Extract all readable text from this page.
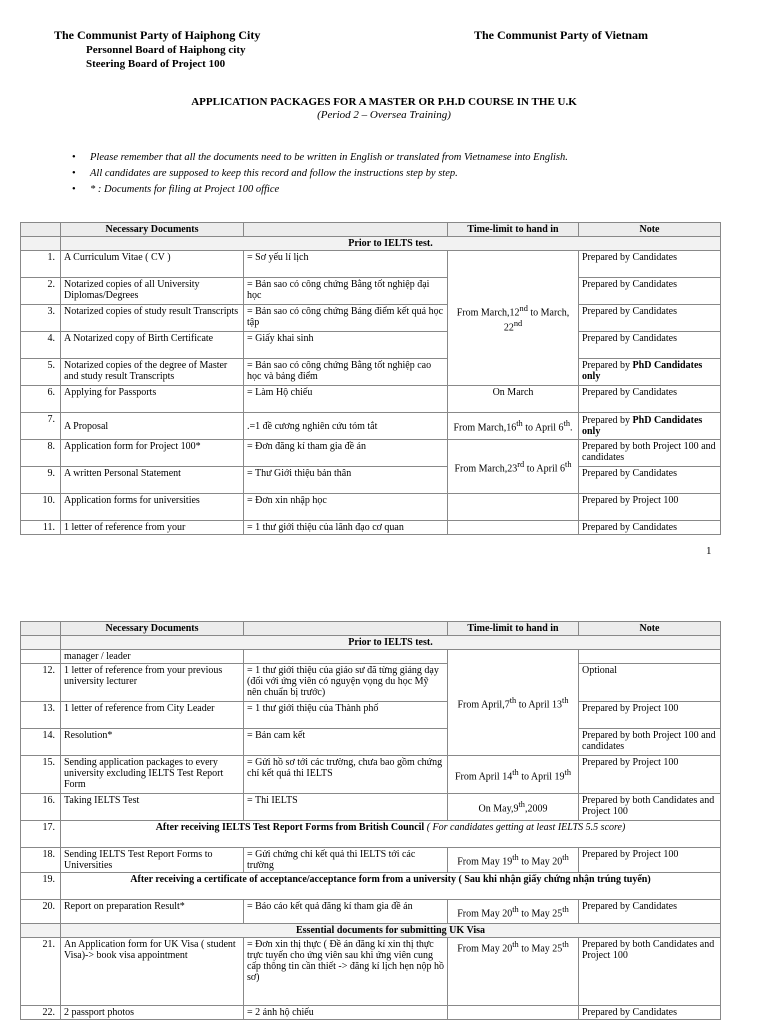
The Communist Party of Haiphong City
Personnel Board of Haiphong city
Steering Board of Project 100
The Communist Party of Vietnam
APPLICATION PACKAGES FOR A MASTER OR P.H.D COURSE IN THE U.K
(Period 2 – Oversea Training)
• Please remember that all the documents need to be written in English or translated from Vietnamese into English.
• All candidates are supposed to keep this record and follow the instructions step by step.
• * : Documents for filing at Project 100 office
	Necessary Documents		Time-limit to hand in	Note
	Prior to IELTS test.			
1.	A Curriculum Vitae ( CV )	= Sơ yếu lí lịch	From March,12nd to March, 22nd	Prepared by Candidates
2.	Notarized copies of all University Diplomas/Degrees	= Bản sao có công chứng Bằng tốt nghiệp đại học		Prepared by Candidates
3.	Notarized copies of study result Transcripts	= Bản sao có công chứng Bảng điểm kết quả học tập		Prepared by Candidates
4.	A Notarized copy of Birth Certificate	= Giấy khai sinh		Prepared by Candidates
5.	Notarized copies of the degree of Master and study result Transcripts	= Bản sao có công chứng Bằng tốt nghiệp cao học và bảng điểm		Prepared by PhD Candidates only
6.	Applying for Passports	= Làm Hộ chiếu	On March	Prepared by Candidates
7.	A Proposal	.=1 đề cương nghiên cứu tóm tắt	From March,16th to April 6th.	Prepared by PhD Candidates only
8.	Application form for Project 100*	= Đơn đăng kí tham gia đề án	From March,23rd to April 6th	Prepared by both Project 100 and candidates
9.	A written Personal Statement	= Thư Giới thiệu bản thân		Prepared by Candidates
10.	Application forms for universities	= Đơn xin nhập học		Prepared by Project 100
11.	1 letter of reference from your	= 1 thư giới thiệu của lãnh đạo cơ quan		Prepared by Candidates
1
	Necessary Documents		Time-limit to hand in	Note
	Prior to IELTS test.			
	manager / leader		From April,7th to April 13th	
12.	1 letter of reference from your previous university lecturer	= 1 thư giới thiệu của giáo sư đã từng giảng dạy (đối với ứng viên có nguyện vọng du học Mỹ nên chuẩn bị trước)		Optional
13.	1 letter of reference from City Leader	= 1 thư giới thiệu của Thành phố		Prepared by Project 100
14.	Resolution*	= Bản cam kết		Prepared by both Project 100 and candidates
15.	Sending application packages to every university excluding IELTS Test Report Form	= Gửi hồ sơ tới các trường, chưa bao gồm chứng chỉ kết quả thi IELTS	From April 14th to April 19th	Prepared by Project 100
16.	Taking IELTS Test	= Thi IELTS	On May,9th,2009	Prepared by both Candidates and Project 100
17.	After receiving IELTS Test Report Forms from British Council ( For candidates getting at least IELTS 5.5 score)			
18.	Sending IELTS Test Report Forms to Universities	= Gửi chứng chỉ kết quả thi IELTS tới các trường	From May 19th to May 20th	Prepared by Project 100
19.	After receiving a certificate of acceptance/acceptance form from a university ( Sau khi nhận giấy chứng nhận trúng tuyển)			
20.	Report on preparation Result*	= Báo cáo kết quả đăng kí tham gia đề án	From May 20th to May 25th	Prepared by Candidates
	Essential documents for submitting UK Visa			
21.	An Application form for UK Visa ( student Visa)-> book visa appointment	= Đơn xin thị thực ( Đề án đăng kí xin thị thực trực tuyến cho ứng viên sau khi ứng viên cung cấp thông tin cần thiết -> đăng kí lịch hẹn nộp hồ sơ)	From May 20th to May 25th	Prepared by both Candidates and Project 100
22.	2 passport photos	= 2 ảnh hộ chiếu		Prepared by Candidates
